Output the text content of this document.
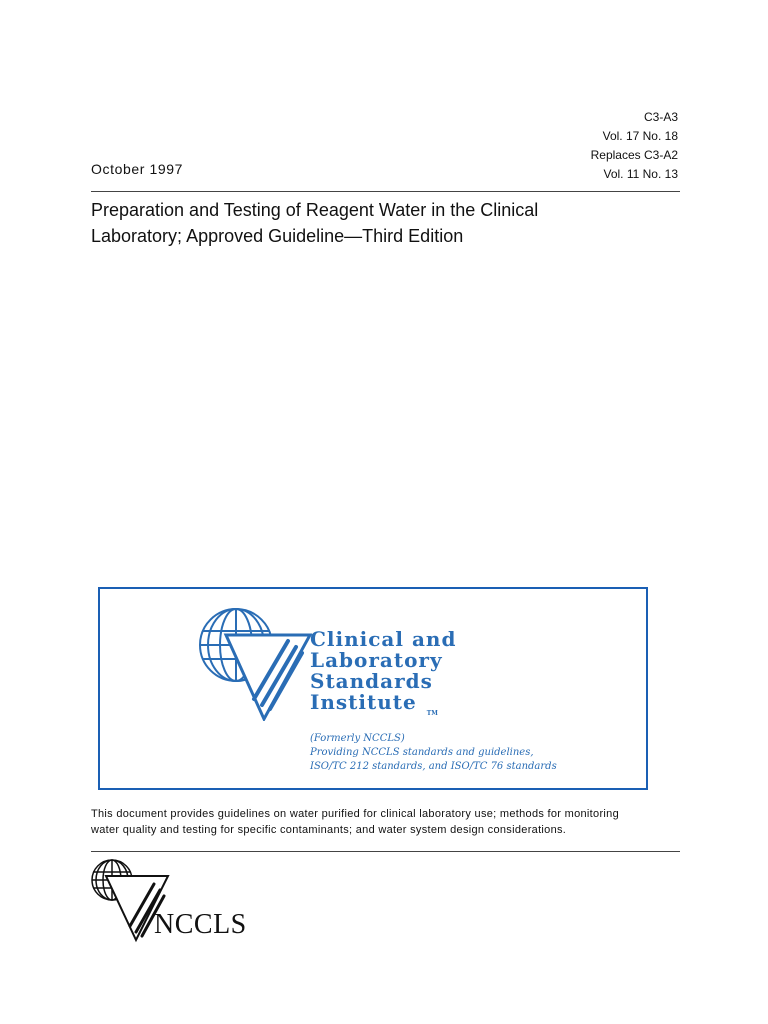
C3-A3
Vol. 17 No. 18
Replaces C3-A2
Vol. 11 No. 13
October 1997
Preparation and Testing of Reagent Water in the Clinical
Laboratory; Approved Guideline—Third Edition
Clinical and
Laboratory
Standards
Institute $_{TM}$
(Formerly NCCLS)
Providing NCCLS standards and guidelines,
ISO/TC 212 standards, and ISO/TC 76 standards
This document provides guidelines on water purified for clinical laboratory use; methods for monitoring
water quality and testing for specific contaminants; and water system design considerations.
NCCLS
